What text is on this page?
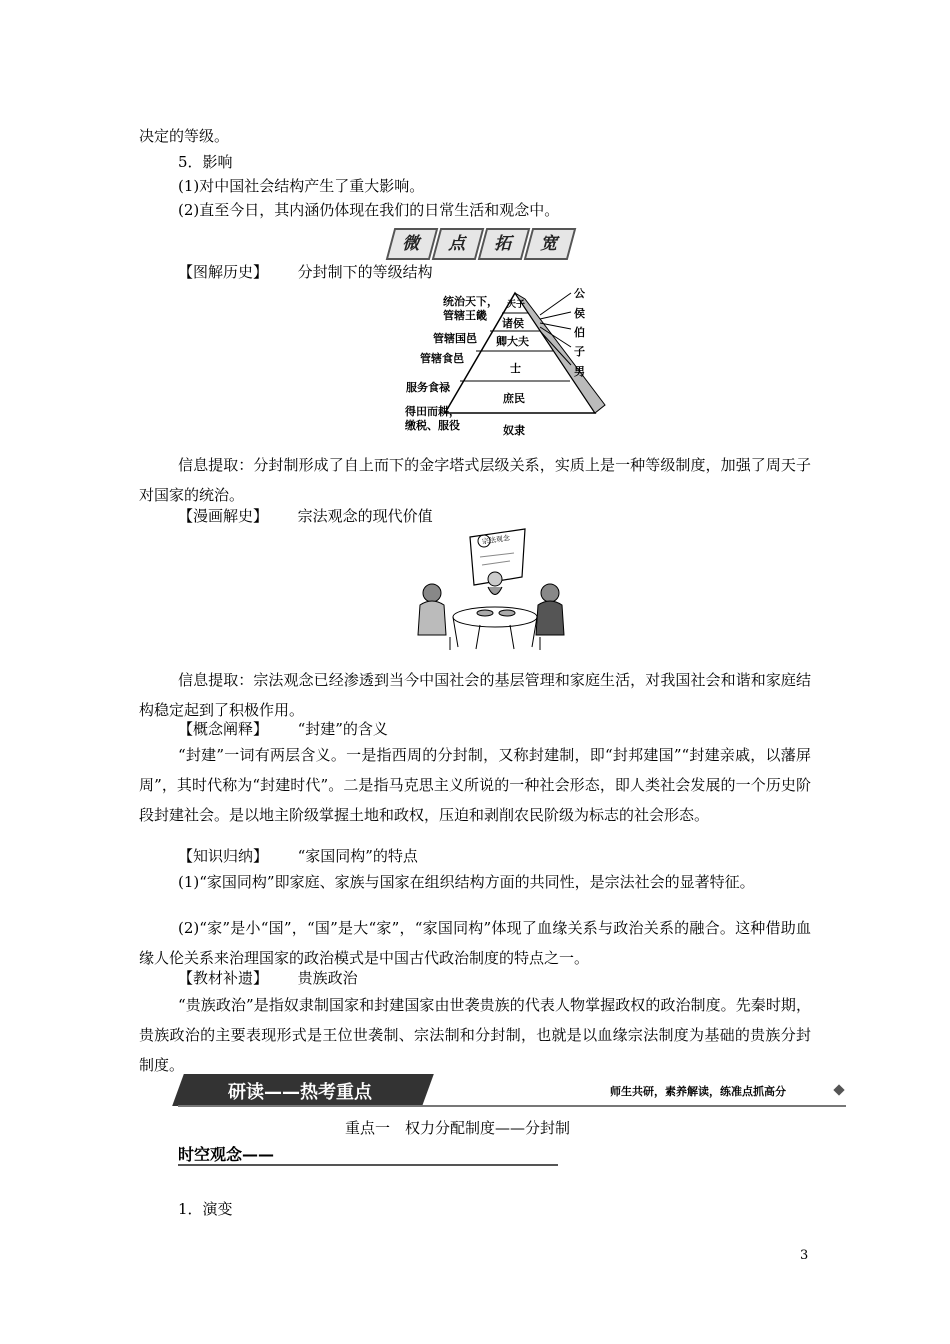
决定的等级。
5．影响
(1)对中国社会结构产生了重大影响。
(2)直至今日，其内涵仍体现在我们的日常生活和观念中。
微	点	拓	宽
【图解历史】 分封制下的等级结构
天子
诸侯
卿大夫
士
庶民
奴隶
统治天下，
管辖王畿
管辖国邑
管辖食邑
服务食禄
得田而耕，
缴税、服役
公
侯
伯
子
男
信息提取：分封制形成了自上而下的金字塔式层级关系，实质上是一种等级制度，加强了周天子对国家的统治。
【漫画解史】 宗法观念的现代价值
宗法观念
信息提取：宗法观念已经渗透到当今中国社会的基层管理和家庭生活，对我国社会和谐和家庭结构稳定起到了积极作用。
【概念阐释】 “封建”的含义
“封建”一词有两层含义。一是指西周的分封制，又称封建制，即“封邦建国”“封建亲戚，以藩屏周”，其时代称为“封建时代”。二是指马克思主义所说的一种社会形态，即人类社会发展的一个历史阶段封建社会。是以地主阶级掌握土地和政权，压迫和剥削农民阶级为标志的社会形态。
【知识归纳】 “家国同构”的特点
(1)“家国同构”即家庭、家族与国家在组织结构方面的共同性，是宗法社会的显著特征。
(2)“家”是小“国”，“国”是大“家”，“家国同构”体现了血缘关系与政治关系的融合。这种借助血缘人伦关系来治理国家的政治模式是中国古代政治制度的特点之一。
【教材补遗】 贵族政治
“贵族政治”是指奴隶制国家和封建国家由世袭贵族的代表人物掌握政权的政治制度。先秦时期，贵族政治的主要表现形式是王位世袭制、宗法制和分封制，也就是以血缘宗法制度为基础的贵族分封制度。
研读——热考重点	师生共研，素养解读，练准点抓高分
重点一　权力分配制度——分封制
时空观念——
1．演变
3
